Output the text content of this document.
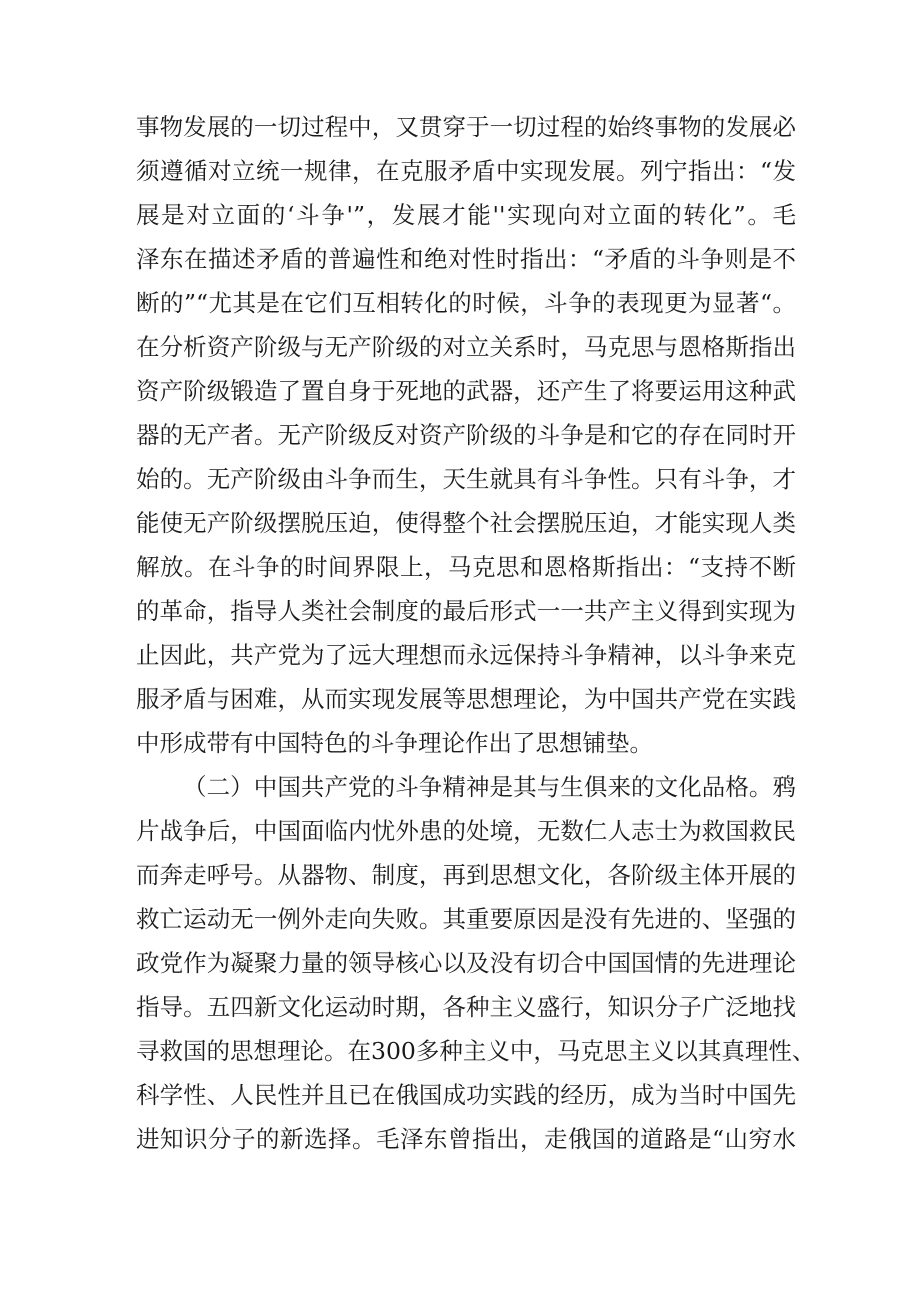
事物发展的一切过程中，又贯穿于一切过程的始终事物的发展必
须遵循对立统一规律，在克服矛盾中实现发展。列宁指出：“发
展是对立面的‘斗争'”，发展才能''实现向对立面的转化”。毛
泽东在描述矛盾的普遍性和绝对性时指出：“矛盾的斗争则是不
断的”“尤其是在它们互相转化的时候，斗争的表现更为显著“。
在分析资产阶级与无产阶级的对立关系时，马克思与恩格斯指出
资产阶级锻造了置自身于死地的武器，还产生了将要运用这种武
器的无产者。无产阶级反对资产阶级的斗争是和它的存在同时开
始的。无产阶级由斗争而生，天生就具有斗争性。只有斗争，才
能使无产阶级摆脱压迫，使得整个社会摆脱压迫，才能实现人类
解放。在斗争的时间界限上，马克思和恩格斯指出：“支持不断
的革命，指导人类社会制度的最后形式一一共产主义得到实现为
止因此，共产党为了远大理想而永远保持斗争精神，以斗争来克
服矛盾与困难，从而实现发展等思想理论，为中国共产党在实践
中形成带有中国特色的斗争理论作出了思想铺垫。
（二）中国共产党的斗争精神是其与生俱来的文化品格。鸦
片战争后，中国面临内忧外患的处境，无数仁人志士为救国救民
而奔走呼号。从器物、制度，再到思想文化，各阶级主体开展的
救亡运动无一例外走向失败。其重要原因是没有先进的、坚强的
政党作为凝聚力量的领导核心以及没有切合中国国情的先进理论
指导。五四新文化运动时期，各种主义盛行，知识分子广泛地找
寻救国的思想理论。在300多种主义中，马克思主义以其真理性、
科学性、人民性并且已在俄国成功实践的经历，成为当时中国先
进知识分子的新选择。毛泽东曾指出，走俄国的道路是“山穷水
